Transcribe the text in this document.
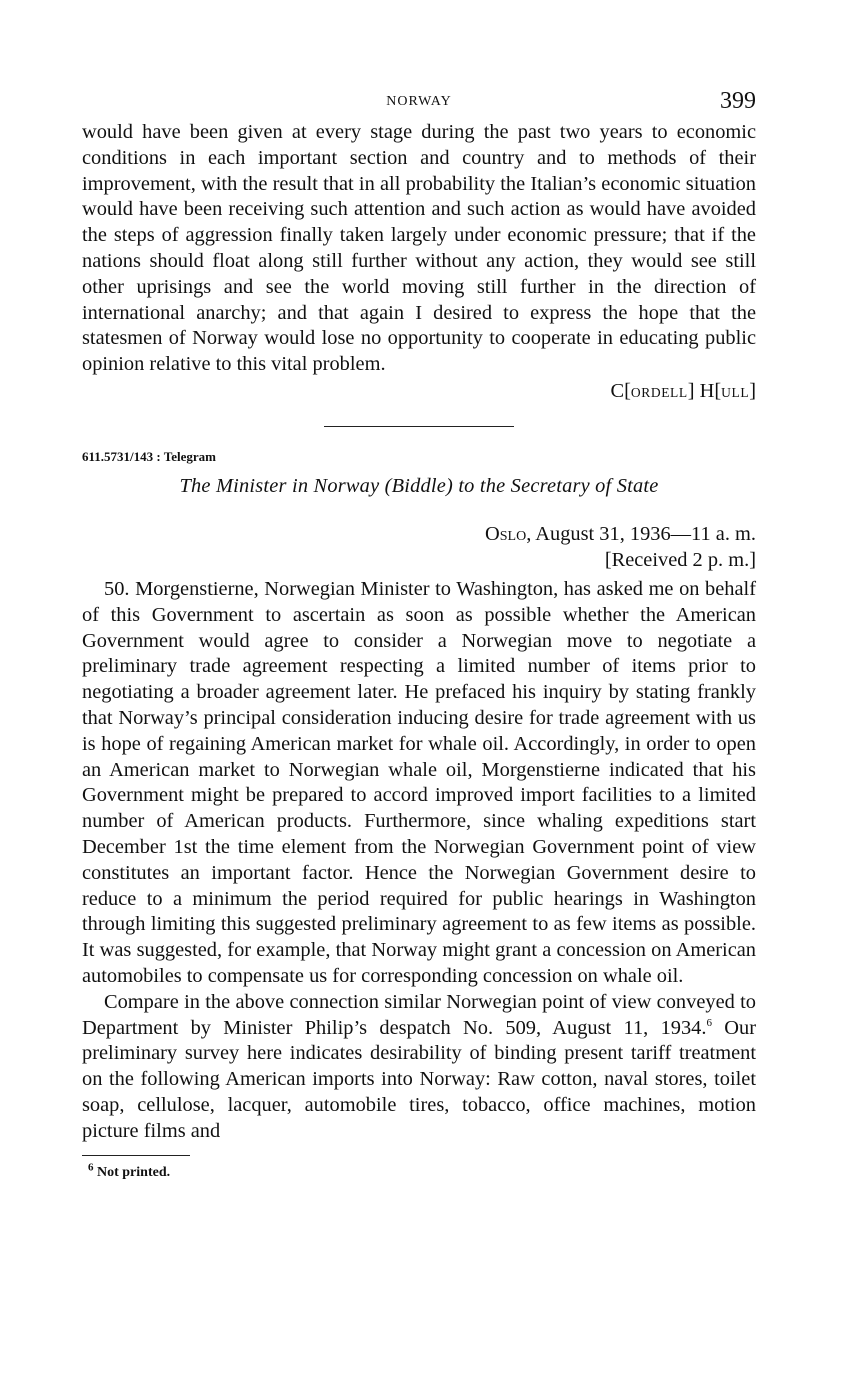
NORWAY	399

would have been given at every stage during the past two years to economic conditions in each important section and country and to methods of their improvement, with the result that in all probability the Italian’s economic situation would have been receiving such attention and such action as would have avoided the steps of aggression finally taken largely under economic pressure; that if the nations should float along still further without any action, they would see still other uprisings and see the world moving still further in the direction of international anarchy; and that again I desired to express the hope that the statesmen of Norway would lose no opportunity to cooperate in educating public opinion relative to this vital problem.

C[ORDELL] H[ULL]
611.5731/143 : Telegram
The Minister in Norway (Biddle) to the Secretary of State
Oslo, August 31, 1936—11 a. m.
[Received 2 p. m.]

50. Morgenstierne, Norwegian Minister to Washington, has asked me on behalf of this Government to ascertain as soon as possible whether the American Government would agree to consider a Norwegian move to negotiate a preliminary trade agreement respecting a limited number of items prior to negotiating a broader agreement later. He prefaced his inquiry by stating frankly that Norway’s principal consideration inducing desire for trade agreement with us is hope of regaining American market for whale oil. Accordingly, in order to open an American market to Norwegian whale oil, Morgenstierne indicated that his Government might be prepared to accord improved import facilities to a limited number of American products. Furthermore, since whaling expeditions start December 1st the time element from the Norwegian Government point of view constitutes an important factor. Hence the Norwegian Government desire to reduce to a minimum the period required for public hearings in Washington through limiting this suggested preliminary agreement to as few items as possible. It was suggested, for example, that Norway might grant a concession on American automobiles to compensate us for corresponding concession on whale oil.

Compare in the above connection similar Norwegian point of view conveyed to Department by Minister Philip’s despatch No. 509, August 11, 1934.$^6$ Our preliminary survey here indicates desirability of binding present tariff treatment on the following American imports into Norway: Raw cotton, naval stores, toilet soap, cellulose, lacquer, automobile tires, tobacco, office machines, motion picture films and

$^6$ Not printed.
